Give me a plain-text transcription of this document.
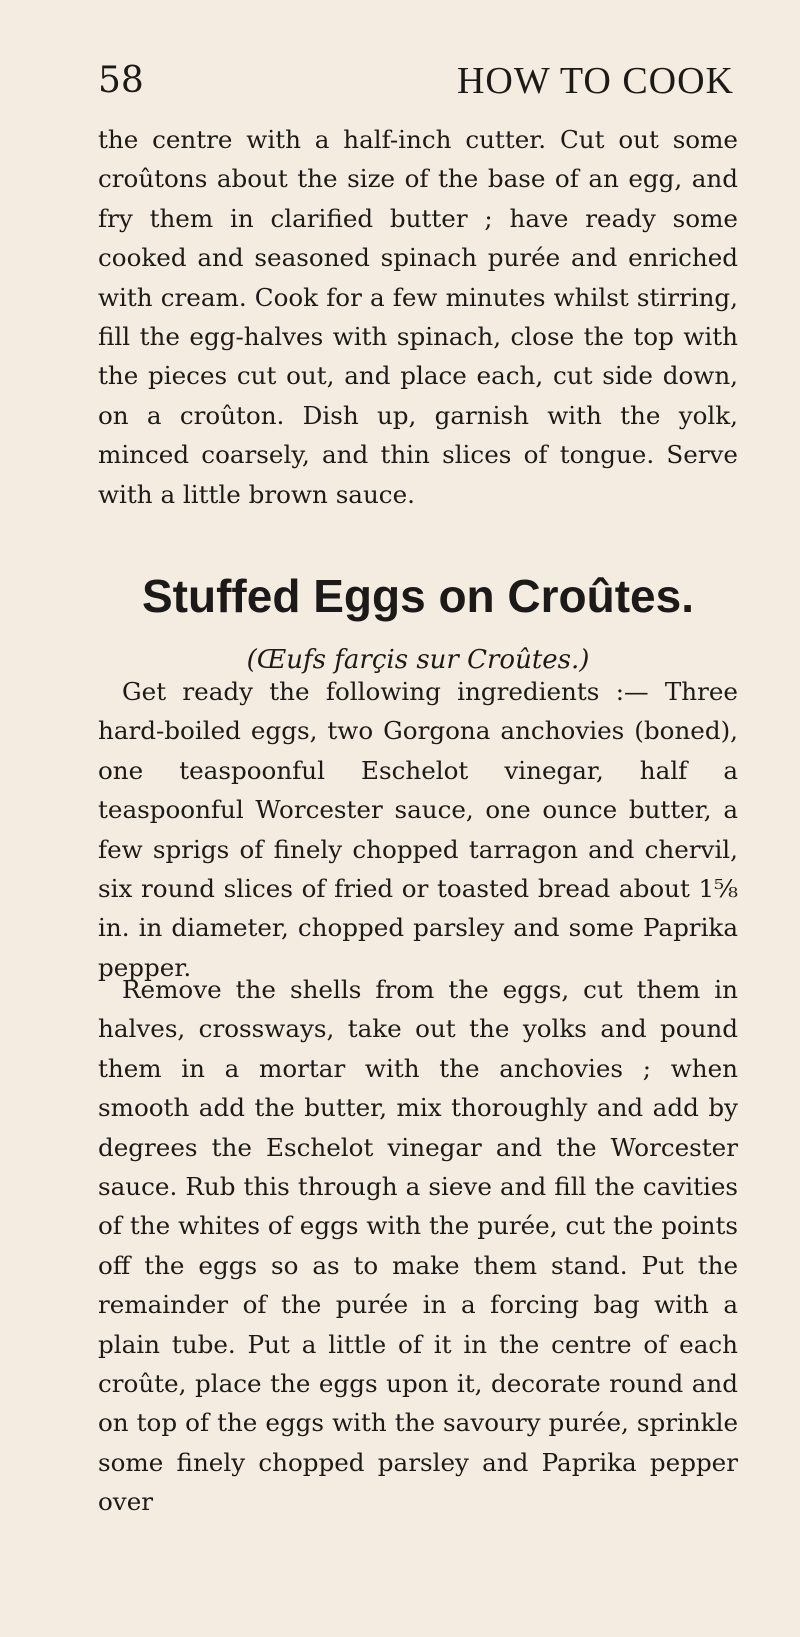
58	HOW TO COOK

the centre with a half-inch cutter. Cut out some croûtons about the size of the base of an egg, and fry them in clarified butter ; have ready some cooked and seasoned spinach purée and enriched with cream. Cook for a few minutes whilst stirring, fill the egg-halves with spinach, close the top with the pieces cut out, and place each, cut side down, on a croûton. Dish up, garnish with the yolk, minced coarsely, and thin slices of tongue. Serve with a little brown sauce.

Stuffed Eggs on Croûtes.

(Œufs farçis sur Croûtes.)

Get ready the following ingredients :— Three hard-boiled eggs, two Gorgona anchovies (boned), one teaspoonful Eschelot vinegar, half a teaspoonful Worcester sauce, one ounce butter, a few sprigs of finely chopped tarragon and chervil, six round slices of fried or toasted bread about 1⅝ in. in diameter, chopped parsley and some Paprika pepper.

Remove the shells from the eggs, cut them in halves, crossways, take out the yolks and pound them in a mortar with the anchovies ; when smooth add the butter, mix thoroughly and add by degrees the Eschelot vinegar and the Worcester sauce. Rub this through a sieve and fill the cavities of the whites of eggs with the purée, cut the points off the eggs so as to make them stand. Put the remainder of the purée in a forcing bag with a plain tube. Put a little of it in the centre of each croûte, place the eggs upon it, decorate round and on top of the eggs with the savoury purée, sprinkle some finely chopped parsley and Paprika pepper over
